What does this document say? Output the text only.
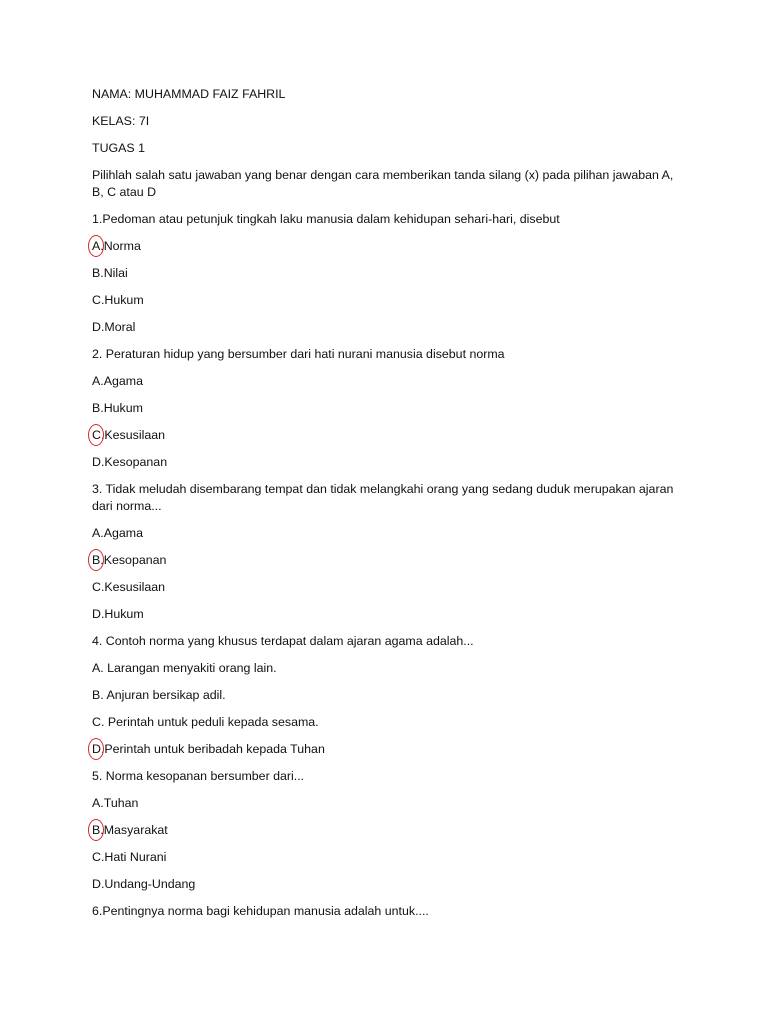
NAMA: MUHAMMAD FAIZ FAHRIL

KELAS: 7I

TUGAS 1

Pilihlah salah satu jawaban yang benar dengan cara memberikan tanda silang (x) pada pilihan jawaban A, B, C atau D

1.Pedoman atau petunjuk tingkah laku manusia dalam kehidupan sehari-hari, disebut

A.Norma

B.Nilai

C.Hukum

D.Moral

2. Peraturan hidup yang bersumber dari hati nurani manusia disebut norma

A.Agama

B.Hukum

C.Kesusilaan

D.Kesopanan

3. Tidak meludah disembarang tempat dan tidak melangkahi orang yang sedang duduk merupakan ajaran dari norma...

A.Agama

B.Kesopanan

C.Kesusilaan

D.Hukum

4. Contoh norma yang khusus terdapat dalam ajaran agama adalah...

A. Larangan menyakiti orang lain.

B. Anjuran bersikap adil.

C. Perintah untuk peduli kepada sesama.

D.Perintah untuk beribadah kepada Tuhan

5. Norma kesopanan bersumber dari...

A.Tuhan

B.Masyarakat

C.Hati Nurani

D.Undang-Undang

6.Pentingnya norma bagi kehidupan manusia adalah untuk....
